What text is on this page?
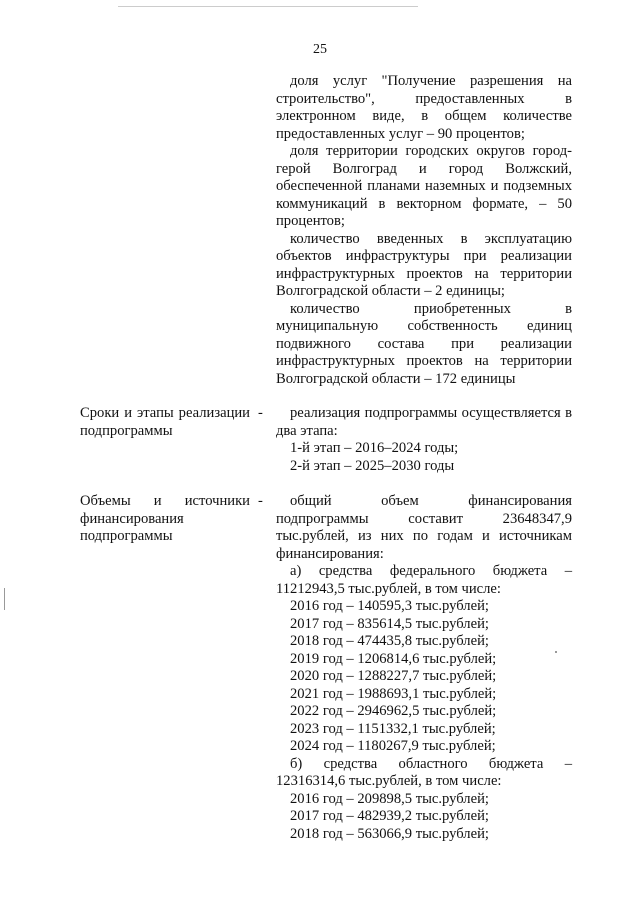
25

доля услуг "Получение разрешения на строительство", предоставленных в электронном виде, в общем количестве предоставленных услуг – 90 процентов;

доля территории городских округов город-герой Волгоград и город Волжский, обеспеченной планами наземных и подземных коммуникаций в векторном формате, – 50 процентов;

количество введенных в эксплуатацию объектов инфраструктуры при реализации инфраструктурных проектов на территории Волгоградской области – 2 единицы;

количество приобретенных в муниципальную собственность единиц подвижного состава при реализации инфраструктурных проектов на территории Волгоградской области – 172 единицы

Сроки и этапы реализации подпрограммы
-	реализация подпрограммы осуществляется в два этапа:

1-й этап – 2016–2024 годы;

2-й этап – 2025–2030 годы

Объемы и источники финансирования подпрограммы
-	общий объем финансирования подпрограммы составит 23648347,9 тыс.рублей, из них по годам и источникам финансирования:

а) средства федерального бюджета – 11212943,5 тыс.рублей, в том числе:

2016 год – 140595,3 тыс.рублей;

2017 год – 835614,5 тыс.рублей;

2018 год – 474435,8 тыс.рублей;

2019 год – 1206814,6 тыс.рублей;

2020 год – 1288227,7 тыс.рублей;

2021 год – 1988693,1 тыс.рублей;

2022 год – 2946962,5 тыс.рублей;

2023 год – 1151332,1 тыс.рублей;

2024 год – 1180267,9 тыс.рублей;

б) средства областного бюджета – 12316314,6 тыс.рублей, в том числе:

2016 год – 209898,5 тыс.рублей;

2017 год – 482939,2 тыс.рублей;

2018 год – 563066,9 тыс.рублей;
